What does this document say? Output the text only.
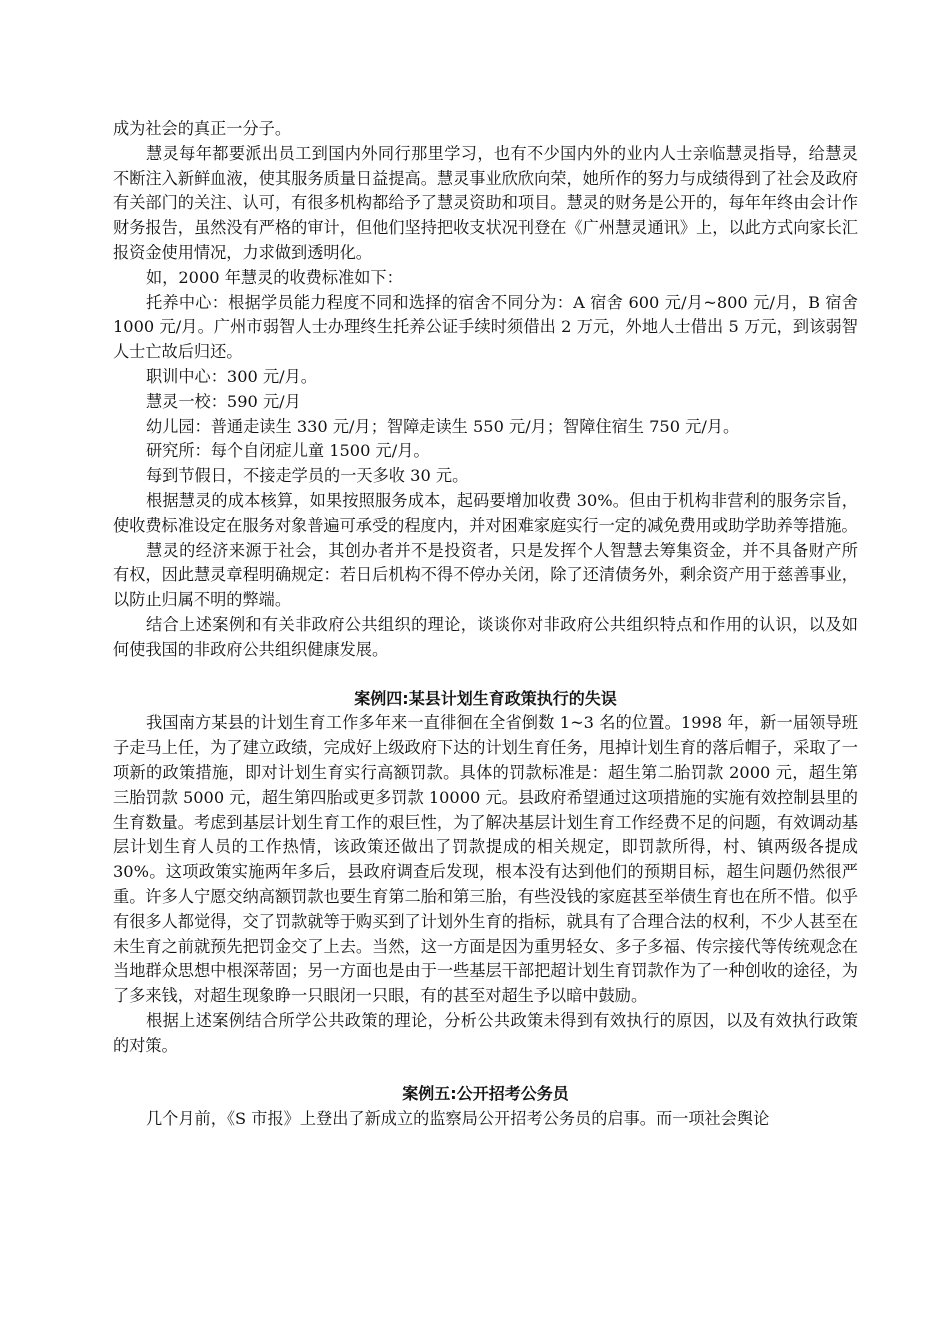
成为社会的真正一分子。

慧灵每年都要派出员工到国内外同行那里学习，也有不少国内外的业内人士亲临慧灵指导，给慧灵不断注入新鲜血液，使其服务质量日益提高。慧灵事业欣欣向荣，她所作的努力与成绩得到了社会及政府有关部门的关注、认可，有很多机构都给予了慧灵资助和项目。慧灵的财务是公开的，每年年终由会计作财务报告，虽然没有严格的审计，但他们坚持把收支状况刊登在《广州慧灵通讯》上，以此方式向家长汇报资金使用情况，力求做到透明化。

如，2000 年慧灵的收费标准如下：

托养中心：根据学员能力程度不同和选择的宿舍不同分为：A 宿舍 600 元/月~800 元/月，B 宿舍 1000 元/月。广州市弱智人士办理终生托养公证手续时须借出 2 万元，外地人士借出 5 万元，到该弱智人士亡故后归还。

职训中心：300 元/月。

慧灵一校：590 元/月

幼儿园：普通走读生 330 元/月；智障走读生 550 元/月；智障住宿生 750 元/月。

研究所：每个自闭症儿童 1500 元/月。

每到节假日，不接走学员的一天多收 30 元。

根据慧灵的成本核算，如果按照服务成本，起码要增加收费 30%。但由于机构非营利的服务宗旨，使收费标准设定在服务对象普遍可承受的程度内，并对困难家庭实行一定的减免费用或助学助养等措施。

慧灵的经济来源于社会，其创办者并不是投资者，只是发挥个人智慧去筹集资金，并不具备财产所有权，因此慧灵章程明确规定：若日后机构不得不停办关闭，除了还清债务外，剩余资产用于慈善事业，以防止归属不明的弊端。

结合上述案例和有关非政府公共组织的理论，谈谈你对非政府公共组织特点和作用的认识，以及如何使我国的非政府公共组织健康发展。

案例四:某县计划生育政策执行的失误

我国南方某县的计划生育工作多年来一直徘徊在全省倒数 1~3 名的位置。1998 年，新一届领导班子走马上任，为了建立政绩，完成好上级政府下达的计划生育任务，甩掉计划生育的落后帽子，采取了一项新的政策措施，即对计划生育实行高额罚款。具体的罚款标准是：超生第二胎罚款 2000 元，超生第三胎罚款 5000 元，超生第四胎或更多罚款 10000 元。县政府希望通过这项措施的实施有效控制县里的生育数量。考虑到基层计划生育工作的艰巨性，为了解决基层计划生育工作经费不足的问题，有效调动基层计划生育人员的工作热情，该政策还做出了罚款提成的相关规定，即罚款所得，村、镇两级各提成 30%。这项政策实施两年多后，县政府调查后发现，根本没有达到他们的预期目标，超生问题仍然很严重。许多人宁愿交纳高额罚款也要生育第二胎和第三胎，有些没钱的家庭甚至举债生育也在所不惜。似乎有很多人都觉得，交了罚款就等于购买到了计划外生育的指标，就具有了合理合法的权利，不少人甚至在未生育之前就预先把罚金交了上去。当然，这一方面是因为重男轻女、多子多福、传宗接代等传统观念在当地群众思想中根深蒂固；另一方面也是由于一些基层干部把超计划生育罚款作为了一种创收的途径，为了多来钱，对超生现象睁一只眼闭一只眼，有的甚至对超生予以暗中鼓励。

根据上述案例结合所学公共政策的理论，分析公共政策未得到有效执行的原因，以及有效执行政策的对策。

案例五:公开招考公务员

几个月前，《S 市报》上登出了新成立的监察局公开招考公务员的启事。而一项社会舆论
